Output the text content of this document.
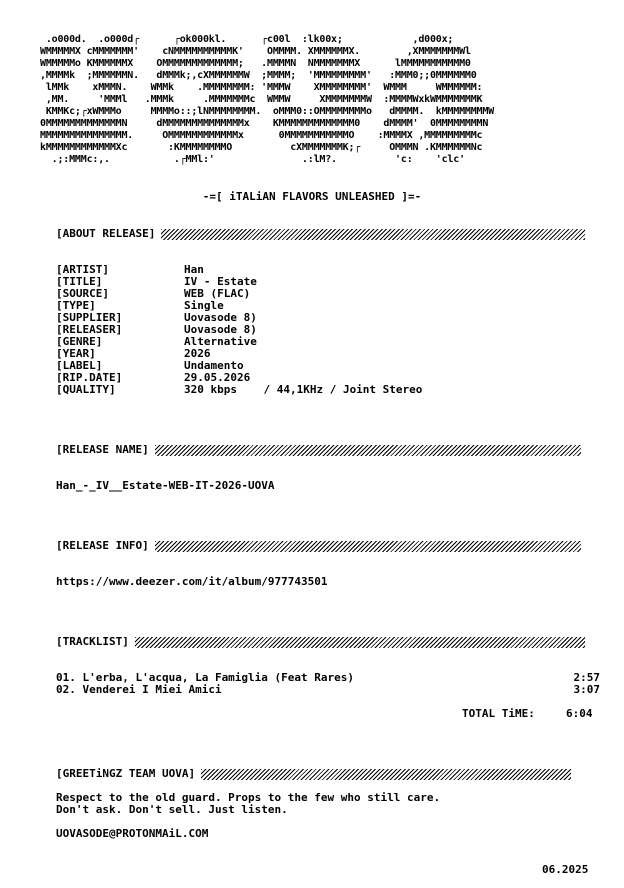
.o000d.  .o000d┌      ┌ok000kl.      ┌c00l  :lk00x;            ,d000x;
WMMMMMX cMMMMMMM'    cNMMMMMMMMMMK'    OMMMM. XMMMMMMX.        ,XMMMMMMMWl
WMMMMMo KMMMMMMX    OMMMMMMMMMMMMM;   .MMMMN  NMMMMMMMX      lMMMMMMMMMMM0
,MMMMk  ;MMMMMMN.   dMMMk;,cXMMMMMMW  ;MMMM;  'MMMMMMMMM'   :MMM0;;0MMMMMM0
lMMk    xMMMN.    WMMk    .MMMMMMMM: 'MMMW    XMMMMMMMM'  WMMM     WMMMMMM:
,MM.     'MMMl   .MMMk     .MMMMMMMc  WMMW     XMMMMMMMW  :MMMMWxkWMMMMMMMK
KMMKc;┌xWMMMo     MMMMo::;lNMMMMMMMM.  oMMM0::OMMMMMMMMo   dMMMM.  kMMMMMMMMW
0MMMMMMMMMMMMMN     dMMMMMMMMMMMMMMx    KMMMMMMMMMMMMM0    dMMMM'  0MMMMMMMMN
MMMMMMMMMMMMMMM.     OMMMMMMMMMMMMx      0MMMMMMMMMMMO    :MMMMX ,MMMMMMMMMc
kMMMMMMMMMMMMXc       :KMMMMMMMMO          cXMMMMMMMK;┌     OMMMN .KMMMMMMNc
.;:MMMc:,.           .┌MMl:'               .:lM?.          'c:    'clc'
-=[ iTALiAN FLAVORS UNLEASHED ]=-
[ABOUT RELEASE]
[ARTIST]	Han
[TITLE]	IV - Estate
[SOURCE]	WEB (FLAC)
[TYPE]	Single
[SUPPLIER]	Uovasode 8)
[RELEASER]	Uovasode 8)
[GENRE]	Alternative
[YEAR]	2026
[LABEL]	Undamento
[RIP.DATE]	29.05.2026
[QUALITY]	320 kbps    / 44,1KHz / Joint Stereo
[RELEASE NAME]
Han_-_IV__Estate-WEB-IT-2026-UOVA
[RELEASE INFO]
https://www.deezer.com/it/album/977743501
[TRACKLIST]
01. L'erba, L'acqua, La Famiglia (Feat Rares)	2:57
02. Venderei I Miei Amici	3:07
TOTAL TiME:	6:04
[GREETiNGZ TEAM UOVA]
Respect to the old guard. Props to the few who still care.
Don't ask. Don't sell. Just listen.
UOVASODE@PROTONMAiL.COM
06.2025
